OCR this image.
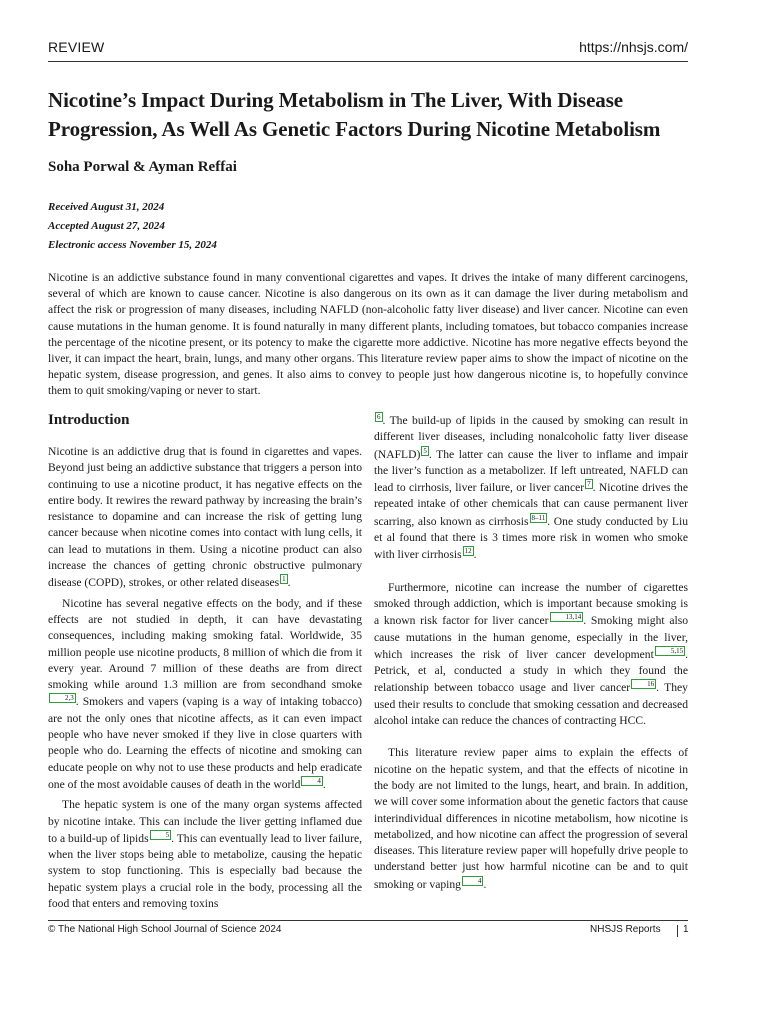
REVIEW	https://nhsjs.com/
Nicotine’s Impact During Metabolism in The Liver, With Disease Progression, As Well As Genetic Factors During Nicotine Metabolism
Soha Porwal & Ayman Reffai
Received August 31, 2024
Accepted August 27, 2024
Electronic access November 15, 2024

Nicotine is an addictive substance found in many conventional cigarettes and vapes. It drives the intake of many different carcinogens, several of which are known to cause cancer. Nicotine is also dangerous on its own as it can damage the liver during metabolism and affect the risk or progression of many diseases, including NAFLD (non-alcoholic fatty liver disease) and liver cancer. Nicotine can even cause mutations in the human genome. It is found naturally in many different plants, including tomatoes, but tobacco companies increase the percentage of the nicotine present, or its potency to make the cigarette more addictive. Nicotine has more negative effects beyond the liver, it can impact the heart, brain, lungs, and many other organs. This literature review paper aims to show the impact of nicotine on the hepatic system, disease progression, and genes. It also aims to convey to people just how dangerous nicotine is, to hopefully convince them to quit smoking/vaping or never to start.

Introduction

Nicotine is an addictive drug that is found in cigarettes and vapes. Beyond just being an addictive substance that triggers a person into continuing to use a nicotine product, it has negative effects on the entire body. It rewires the reward pathway by increasing the brain’s resistance to dopamine and can increase the risk of getting lung cancer because when nicotine comes into contact with lung cells, it can lead to mutations in them. Using a nicotine product can also increase the chances of getting chronic obstructive pulmonary disease (COPD), strokes, or other related diseases 1 .

Nicotine has several negative effects on the body, and if these effects are not studied in depth, it can have devastating consequences, including making smoking fatal. Worldwide, 35 million people use nicotine products, 8 million of which die from it every year. Around 7 million of these deaths are from direct smoking while around 1.3 million are from secondhand smoke2,3 . Smokers and vapers (vaping is a way of intaking tobacco) are not the only ones that nicotine affects, as it can even impact people who have never smoked if they live in close quarters with people who do. Learning the effects of nicotine and smoking can educate people on why not to use these products and help eradicate one of the most avoidable causes of death in the world 4 .

The hepatic system is one of the many organ systems affected by nicotine intake. This can include the liver getting inflamed due to a build-up of lipids 5 . This can eventually lead to liver failure, when the liver stops being able to metabolize, causing the hepatic system to stop functioning. This is especially bad because the hepatic system plays a crucial role in the body, processing all the food that enters and removing toxins

6 . The build-up of lipids in the caused by smoking can result in different liver diseases, including nonalcoholic fatty liver disease (NAFLD) 5 . The latter can cause the liver to inflame and impair the liver’s function as a metabolizer. If left untreated, NAFLD can lead to cirrhosis, liver failure, or liver cancer 7 . Nicotine drives the repeated intake of other chemicals that can cause permanent liver scarring, also known as cirrhosis 8–11 . One study conducted by Liu et al found that there is 3 times more risk in women who smoke with liver cirrhosis 12 .

Furthermore, nicotine can increase the number of cigarettes smoked through addiction, which is important because smoking is a known risk factor for liver cancer 13,14 . Smoking might also cause mutations in the human genome, especially in the liver, which increases the risk of liver cancer development 5,15 . Petrick, et al, conducted a study in which they found the relationship between tobacco usage and liver cancer 16 . They used their results to conclude that smoking cessation and decreased alcohol intake can reduce the chances of contracting HCC.

This literature review paper aims to explain the effects of nicotine on the hepatic system, and that the effects of nicotine in the body are not limited to the lungs, heart, and brain. In addition, we will cover some information about the genetic factors that cause interindividual differences in nicotine metabolism, how nicotine is metabolized, and how nicotine can affect the progression of several diseases. This literature review paper will hopefully drive people to understand better just how harmful nicotine can be and to quit smoking or vaping 4 .

© The National High School Journal of Science 2024	NHSJS Reports 1
